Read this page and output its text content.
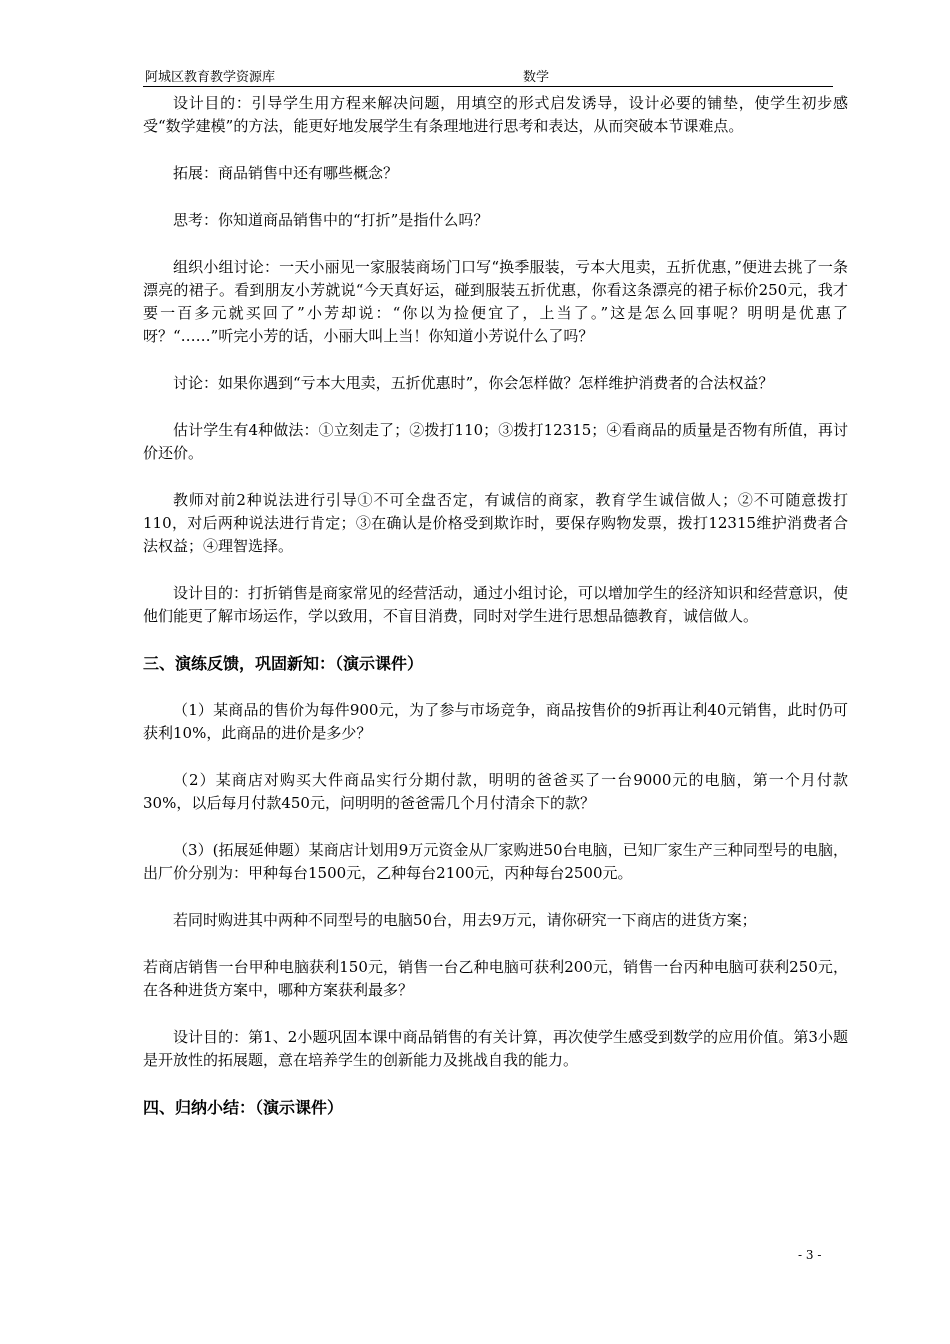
阿城区教育教学资源库	数学

设计目的：引导学生用方程来解决问题，用填空的形式启发诱导，设计必要的铺垫，使学生初步感受“数学建模”的方法，能更好地发展学生有条理地进行思考和表达，从而突破本节课难点。

拓展：商品销售中还有哪些概念？

思考：你知道商品销售中的“打折”是指什么吗？

组织小组讨论：一天小丽见一家服装商场门口写“换季服装，亏本大甩卖，五折优惠，”便进去挑了一条漂亮的裙子。看到朋友小芳就说“今天真好运，碰到服装五折优惠，你看这条漂亮的裙子标价250元，我才要一百多元就买回了”小芳却说：“你以为捡便宜了，上当了。”这是怎么回事呢？明明是优惠了呀？“……”听完小芳的话，小丽大叫上当！你知道小芳说什么了吗？

讨论：如果你遇到“亏本大甩卖，五折优惠时”，你会怎样做？怎样维护消费者的合法权益？

估计学生有4种做法：①立刻走了；②拨打110；③拨打12315；④看商品的质量是否物有所值，再讨价还价。

教师对前2种说法进行引导①不可全盘否定，有诚信的商家，教育学生诚信做人；②不可随意拨打110，对后两种说法进行肯定；③在确认是价格受到欺诈时，要保存购物发票，拨打12315维护消费者合法权益；④理智选择。

设计目的：打折销售是商家常见的经营活动，通过小组讨论，可以增加学生的经济知识和经营意识，使他们能更了解市场运作，学以致用，不盲目消费，同时对学生进行思想品德教育，诚信做人。

三、演练反馈，巩固新知：（演示课件）

（1）某商品的售价为每件900元，为了参与市场竞争，商品按售价的9折再让利40元销售，此时仍可获利10%，此商品的进价是多少？

（2）某商店对购买大件商品实行分期付款，明明的爸爸买了一台9000元的电脑，第一个月付款30%，以后每月付款450元，问明明的爸爸需几个月付清余下的款？

（3）(拓展延伸题）某商店计划用9万元资金从厂家购进50台电脑，已知厂家生产三种同型号的电脑，出厂价分别为：甲种每台1500元，乙种每台2100元，丙种每台2500元。

若同时购进其中两种不同型号的电脑50台，用去9万元，请你研究一下商店的进货方案；

若商店销售一台甲种电脑获利150元，销售一台乙种电脑可获利200元，销售一台丙种电脑可获利250元，在各种进货方案中，哪种方案获利最多？

设计目的：第1、2小题巩固本课中商品销售的有关计算，再次使学生感受到数学的应用价值。第3小题是开放性的拓展题，意在培养学生的创新能力及挑战自我的能力。

四、归纳小结：（演示课件）

- 3 -
